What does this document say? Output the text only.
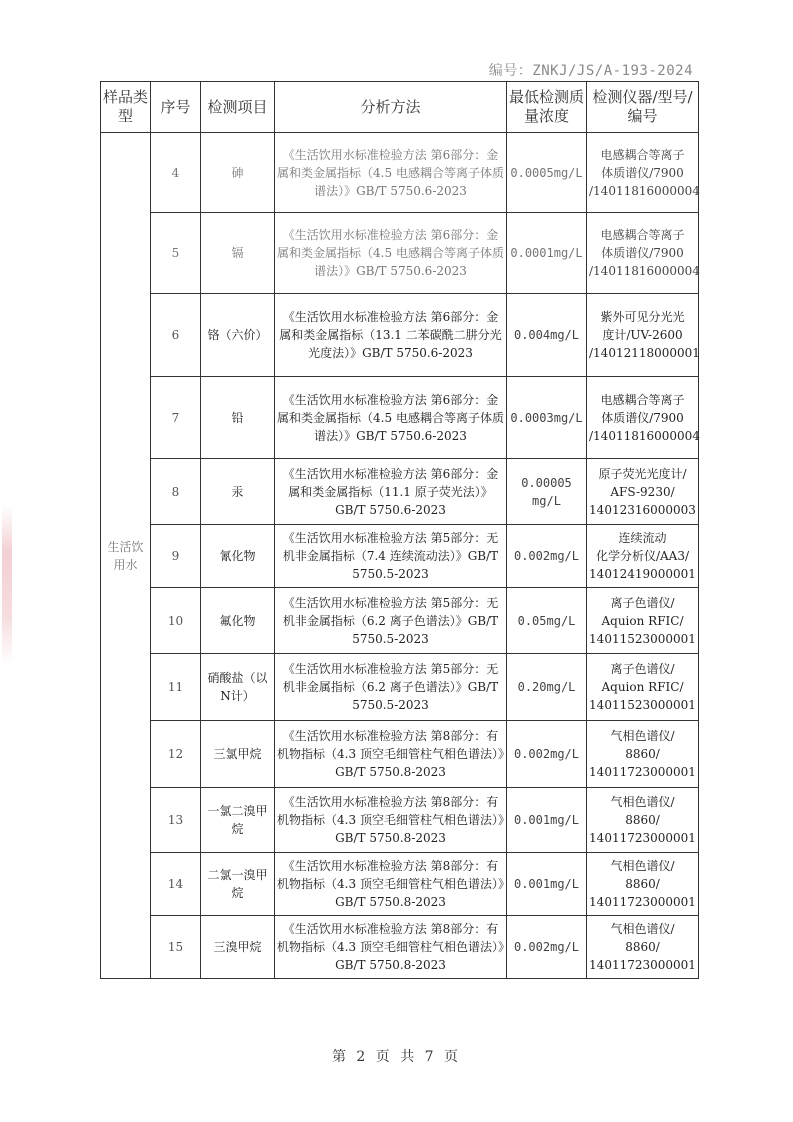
编号：ZNKJ/JS/A-193-2024
样品类型	序号	检测项目	分析方法	最低检测质量浓度	检测仪器/型号/编号
生活饮用水	4	砷	《生活饮用水标准检验方法 第6部分：金属和类金属指标（4.5 电感耦合等离子体质谱法）》GB/T 5750.6-2023	0.0005mg/L	电感耦合等离子
体质谱仪/7900
/14011816000004

	5	镉	《生活饮用水标准检验方法 第6部分：金属和类金属指标（4.5 电感耦合等离子体质谱法）》GB/T 5750.6-2023	0.0001mg/L	电感耦合等离子
体质谱仪/7900
/14011816000004

	6	铬（六价）	《生活饮用水标准检验方法 第6部分：金属和类金属指标（13.1 二苯碳酰二肼分光光度法）》GB/T 5750.6-2023	0.004mg/L	紫外可见分光光
度计/UV-2600
/14012118000001

	7	铅	《生活饮用水标准检验方法 第6部分：金属和类金属指标（4.5 电感耦合等离子体质谱法）》GB/T 5750.6-2023	0.0003mg/L	电感耦合等离子
体质谱仪/7900
/14011816000004

	8	汞	《生活饮用水标准检验方法 第6部分：金属和类金属指标（11.1 原子荧光法）》GB/T 5750.6-2023	0.00005 mg/L	原子荧光光度计/
AFS-9230/
14012316000003

	9	氰化物	《生活饮用水标准检验方法 第5部分：无机非金属指标（7.4 连续流动法）》GB/T 5750.5-2023	0.002mg/L	连续流动
化学分析仪/AA3/
14012419000001

	10	氟化物	《生活饮用水标准检验方法 第5部分：无机非金属指标（6.2 离子色谱法）》GB/T 5750.5-2023	0.05mg/L	离子色谱仪/
Aquion RFIC/
14011523000001

	11	硝酸盐（以N计）	《生活饮用水标准检验方法 第5部分：无机非金属指标（6.2 离子色谱法）》GB/T 5750.5-2023	0.20mg/L	离子色谱仪/
Aquion RFIC/
14011523000001

	12	三氯甲烷	《生活饮用水标准检验方法 第8部分：有机物指标（4.3 顶空毛细管柱气相色谱法）》GB/T 5750.8-2023	0.002mg/L	气相色谱仪/
8860/
14011723000001

	13	一氯二溴甲烷	《生活饮用水标准检验方法 第8部分：有机物指标（4.3 顶空毛细管柱气相色谱法）》GB/T 5750.8-2023	0.001mg/L	气相色谱仪/
8860/
14011723000001

	14	二氯一溴甲烷	《生活饮用水标准检验方法 第8部分：有机物指标（4.3 顶空毛细管柱气相色谱法）》GB/T 5750.8-2023	0.001mg/L	气相色谱仪/
8860/
14011723000001

	15	三溴甲烷	《生活饮用水标准检验方法 第8部分：有机物指标（4.3 顶空毛细管柱气相色谱法）》GB/T 5750.8-2023	0.002mg/L	气相色谱仪/
8860/
14011723000001
第 2 页 共 7 页
